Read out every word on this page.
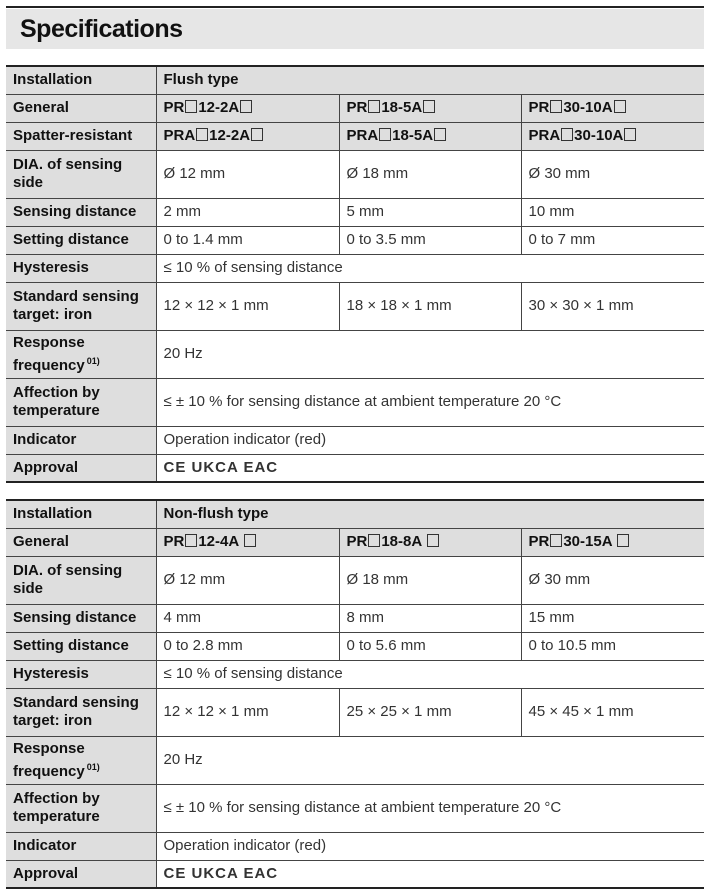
Specifications
Installation	Flush type		
General	PR 12-2A	PR 18-5A	PR 30-10A
Spatter-resistant	PRA 12-2A	PRA 18-5A	PRA 30-10A
DIA. of sensing side	Ø 12 mm	Ø 18 mm	Ø 30 mm
Sensing distance	2 mm	5 mm	10 mm
Setting distance	0 to 1.4 mm	0 to 3.5 mm	0 to 7 mm
Hysteresis	≤ 10 % of sensing distance		
Standard sensing target: iron	12 × 12 × 1 mm	18 × 18 × 1 mm	30 × 30 × 1 mm
Response frequency $^{01)}$	20 Hz		
Affection by temperature	≤ ± 10 % for sensing distance at ambient temperature 20 °C		
Indicator	Operation indicator (red)		
Approval	CE UKCA EAC		
Installation	Non-flush type		
General	PR 12-4A	PR 18-8A	PR 30-15A
DIA. of sensing side	Ø 12 mm	Ø 18 mm	Ø 30 mm
Sensing distance	4 mm	8 mm	15 mm
Setting distance	0 to 2.8 mm	0 to 5.6 mm	0 to 10.5 mm
Hysteresis	≤ 10 % of sensing distance		
Standard sensing target: iron	12 × 12 × 1 mm	25 × 25 × 1 mm	45 × 45 × 1 mm
Response frequency $^{01)}$	20 Hz		
Affection by temperature	≤ ± 10 % for sensing distance at ambient temperature 20 °C		
Indicator	Operation indicator (red)		
Approval	CE UKCA EAC		
